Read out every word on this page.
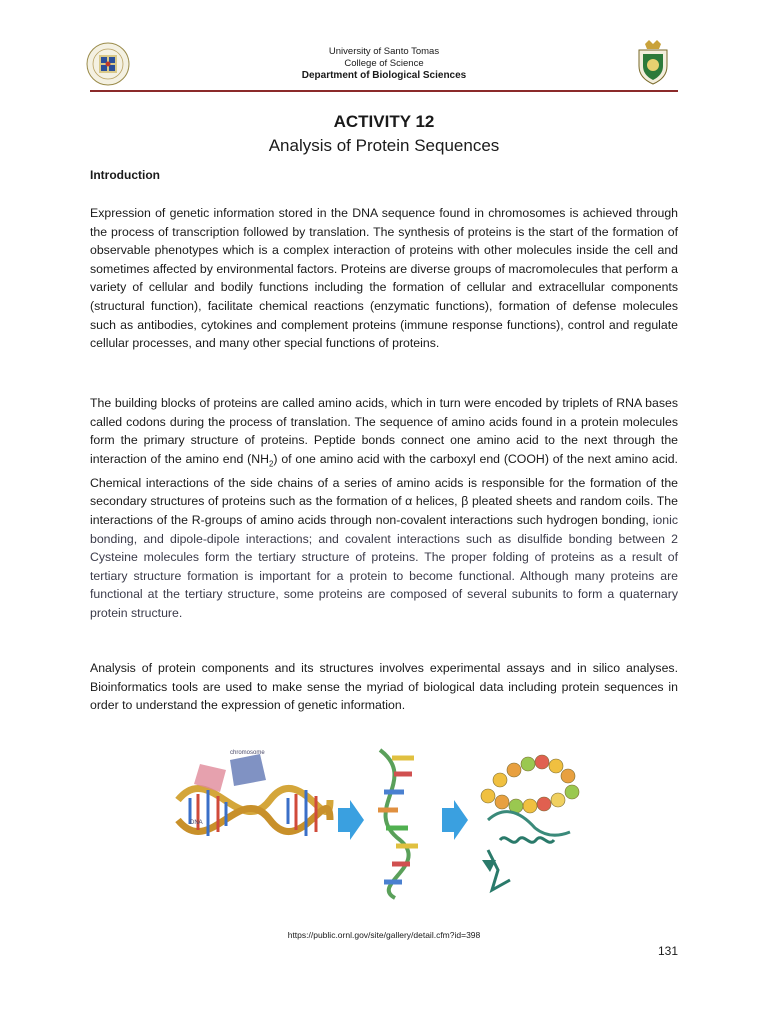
University of Santo Tomas
College of Science
Department of Biological Sciences
ACTIVITY 12
Analysis of Protein Sequences
Introduction

Expression of genetic information stored in the DNA sequence found in chromosomes is achieved through the process of transcription followed by translation. The synthesis of proteins is the start of the formation of observable phenotypes which is a complex interaction of proteins with other molecules inside the cell and sometimes affected by environmental factors. Proteins are diverse groups of macromolecules that perform a variety of cellular and bodily functions including the formation of cellular and extracellular components (structural function), facilitate chemical reactions (enzymatic functions), formation of defense molecules such as antibodies, cytokines and complement proteins (immune response functions), control and regulate cellular processes, and many other special functions of proteins.

The building blocks of proteins are called amino acids, which in turn were encoded by triplets of RNA bases called codons during the process of translation. The sequence of amino acids found in a protein molecules form the primary structure of proteins. Peptide bonds connect one amino acid to the next through the interaction of the amino end $(NH_2)$ of one amino acid with the carboxyl end (COOH) of the next amino acid. Chemical interactions of the side chains of a series of amino acids is responsible for the formation of the secondary structures of proteins such as the formation of α helices, β pleated sheets and random coils. The interactions of the R-groups of amino acids through non-covalent interactions such hydrogen bonding, ionic bonding, and dipole-dipole interactions; and covalent interactions such as disulfide bonding between 2 Cysteine molecules form the tertiary structure of proteins. The proper folding of proteins as a result of tertiary structure formation is important for a protein to become functional. Although many proteins are functional at the tertiary structure, some proteins are composed of several subunits to form a quaternary protein structure.

Analysis of protein components and its structures involves experimental assays and in silico analyses. Bioinformatics tools are used to make sense the myriad of biological data including protein sequences in order to understand the expression of genetic information.

chromosome
DNA
https://public.ornl.gov/site/gallery/detail.cfm?id=398
131
